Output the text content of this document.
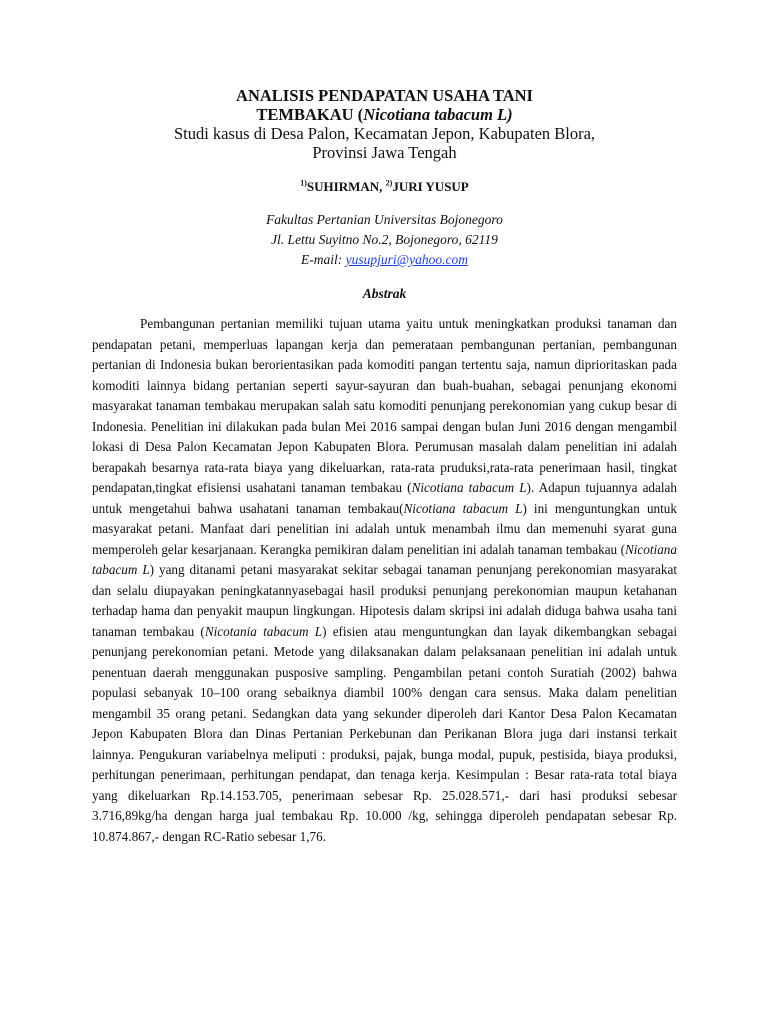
ANALISIS PENDAPATAN USAHA TANI
TEMBAKAU (Nicotiana tabacum L)
Studi kasus di Desa Palon, Kecamatan Jepon, Kabupaten Blora,
Provinsi Jawa Tengah
$^{1)}$SUHIRMAN, $^{2)}$JURI YUSUP
Fakultas Pertanian Universitas Bojonegoro
Jl. Lettu Suyitno No.2, Bojonegoro, 62119
E-mail: yusupjuri@yahoo.com
Abstrak

Pembangunan pertanian memiliki tujuan utama yaitu untuk meningkatkan produksi tanaman dan pendapatan petani, memperluas lapangan kerja dan pemerataan pembangunan pertanian, pembangunan pertanian di Indonesia bukan berorientasikan pada komoditi pangan tertentu saja, namun diprioritaskan pada komoditi lainnya bidang pertanian seperti sayur-sayuran dan buah-buahan, sebagai penunjang ekonomi masyarakat tanaman tembakau merupakan salah satu komoditi penunjang perekonomian yang cukup besar di Indonesia. Penelitian ini dilakukan pada bulan Mei 2016 sampai dengan bulan Juni 2016 dengan mengambil lokasi di Desa Palon Kecamatan Jepon Kabupaten Blora. Perumusan masalah dalam penelitian ini adalah berapakah besarnya rata-rata biaya yang dikeluarkan, rata-rata pruduksi,rata-rata penerimaan hasil, tingkat pendapatan,tingkat efisiensi usahatani tanaman tembakau (Nicotiana tabacum L). Adapun tujuannya adalah untuk mengetahui bahwa usahatani tanaman tembakau(Nicotiana tabacum L) ini menguntungkan untuk masyarakat petani. Manfaat dari penelitian ini adalah untuk menambah ilmu dan memenuhi syarat guna memperoleh gelar kesarjanaan. Kerangka pemikiran dalam penelitian ini adalah tanaman tembakau (Nicotiana tabacum L) yang ditanami petani masyarakat sekitar sebagai tanaman penunjang perekonomian masyarakat dan selalu diupayakan peningkatannyasebagai hasil produksi penunjang perekonomian maupun ketahanan terhadap hama dan penyakit maupun lingkungan. Hipotesis dalam skripsi ini adalah diduga bahwa usaha tani tanaman tembakau (Nicotania tabacum L) efisien atau menguntungkan dan layak dikembangkan sebagai penunjang perekonomian petani. Metode yang dilaksanakan dalam pelaksanaan penelitian ini adalah untuk penentuan daerah menggunakan pusposive sampling. Pengambilan petani contoh Suratiah (2002) bahwa populasi sebanyak 10–100 orang sebaiknya diambil 100% dengan cara sensus. Maka dalam penelitian mengambil 35 orang petani. Sedangkan data yang sekunder diperoleh dari Kantor Desa Palon Kecamatan Jepon Kabupaten Blora dan Dinas Pertanian Perkebunan dan Perikanan Blora juga dari instansi terkait lainnya. Pengukuran variabelnya meliputi : produksi, pajak, bunga modal, pupuk, pestisida, biaya produksi, perhitungan penerimaan, perhitungan pendapat, dan tenaga kerja. Kesimpulan : Besar rata-rata total biaya yang dikeluarkan Rp.14.153.705, penerimaan sebesar Rp. 25.028.571,- dari hasi produksi sebesar 3.716,89kg/ha dengan harga jual tembakau Rp. 10.000 /kg, sehingga diperoleh pendapatan sebesar Rp. 10.874.867,- dengan RC-Ratio sebesar 1,76.
